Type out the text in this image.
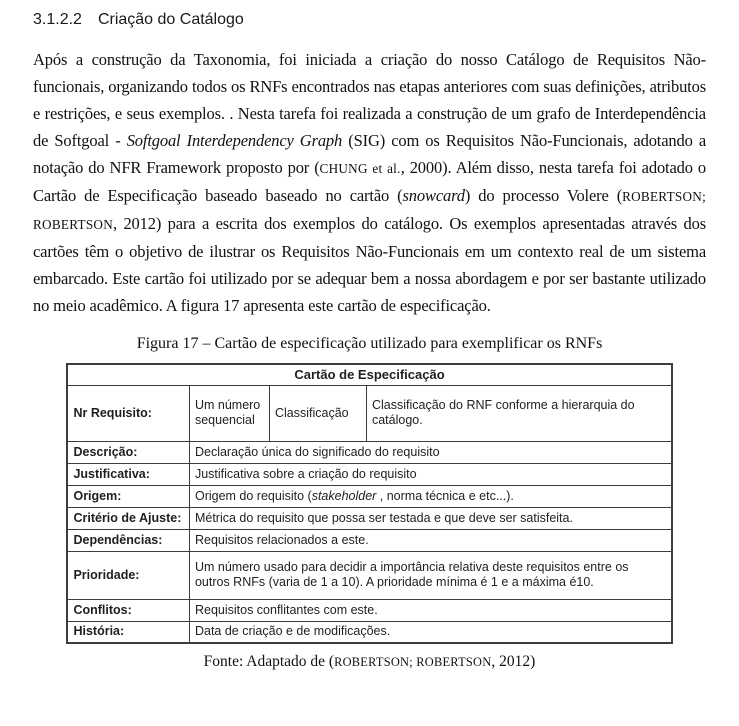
3.1.2.2 Criação do Catálogo

Após a construção da Taxonomia, foi iniciada a criação do nosso Catálogo de Requisitos Não-funcionais, organizando todos os RNFs encontrados nas etapas anteriores com suas definições, atributos e restrições, e seus exemplos. . Nesta tarefa foi realizada a construção de um grafo de Interdependência de Softgoal - Softgoal Interdependency Graph (SIG) com os Requisitos Não-Funcionais, adotando a notação do NFR Framework proposto por (CHUNG et al., 2000). Além disso, nesta tarefa foi adotado o Cartão de Especificação baseado baseado no cartão (snowcard) do processo Volere (ROBERTSON; ROBERTSON, 2012) para a escrita dos exemplos do catálogo. Os exemplos apresentadas através dos cartões têm o objetivo de ilustrar os Requisitos Não-Funcionais em um contexto real de um sistema embarcado. Este cartão foi utilizado por se adequar bem a nossa abordagem e por ser bastante utilizado no meio acadêmico. A figura 17 apresenta este cartão de especificação.

Figura 17 – Cartão de especificação utilizado para exemplificar os RNFs
Cartão de Especificação			
Nr Requisito:	Um número sequencial	Classificação	Classificação do RNF conforme a hierarquia do catálogo.
Descrição:	Declaração única do significado do requisito		
Justificativa:	Justificativa sobre a criação do requisito		
Origem:	Origem do requisito (stakeholder , norma técnica e etc...).		
Critério de Ajuste:	Métrica do requisito que possa ser testada e que deve ser satisfeita.		
Dependências:	Requisitos relacionados a este.		
Prioridade:	Um número usado para decidir a importância relativa deste requisitos entre os outros RNFs (varia de 1 a 10). A prioridade mínima é 1 e a máxima é10.		
Conflitos:	Requisitos conflitantes com este.		
História:	Data de criação e de modificações.		
Fonte: Adaptado de (ROBERTSON; ROBERTSON, 2012)
